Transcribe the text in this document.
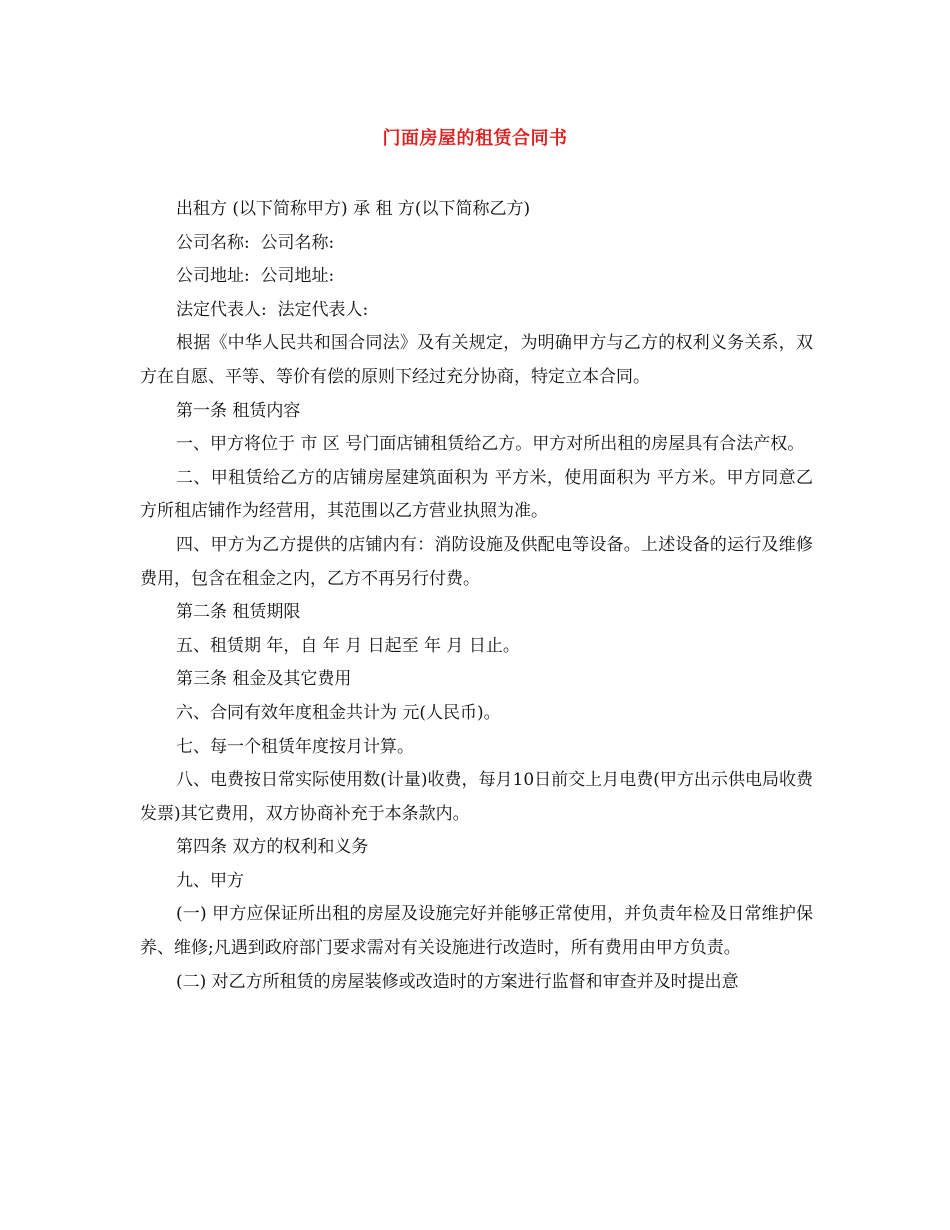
门面房屋的租赁合同书

出租方 (以下简称甲方) 承 租 方(以下简称乙方)

公司名称:  公司名称:

公司地址:  公司地址:

法定代表人:  法定代表人:

根据《中华人民共和国合同法》及有关规定，为明确甲方与乙方的权利义务关系，双方在自愿、平等、等价有偿的原则下经过充分协商，特定立本合同。

第一条 租赁内容

一、甲方将位于 市 区 号门面店铺租赁给乙方。甲方对所出租的房屋具有合法产权。

二、甲租赁给乙方的店铺房屋建筑面积为 平方米，使用面积为 平方米。甲方同意乙方所租店铺作为经营用，其范围以乙方营业执照为准。

四、甲方为乙方提供的店铺内有：消防设施及供配电等设备。上述设备的运行及维修费用，包含在租金之内，乙方不再另行付费。

第二条 租赁期限

五、租赁期 年，自 年 月 日起至 年 月 日止。

第三条 租金及其它费用

六、合同有效年度租金共计为 元(人民币)。

七、每一个租赁年度按月计算。

八、电费按日常实际使用数(计量)收费，每月10日前交上月电费(甲方出示供电局收费发票)其它费用，双方协商补充于本条款内。

第四条 双方的权利和义务

九、甲方

(一) 甲方应保证所出租的房屋及设施完好并能够正常使用，并负责年检及日常维护保养、维修;凡遇到政府部门要求需对有关设施进行改造时，所有费用由甲方负责。

(二) 对乙方所租赁的房屋装修或改造时的方案进行监督和审查并及时提出意
